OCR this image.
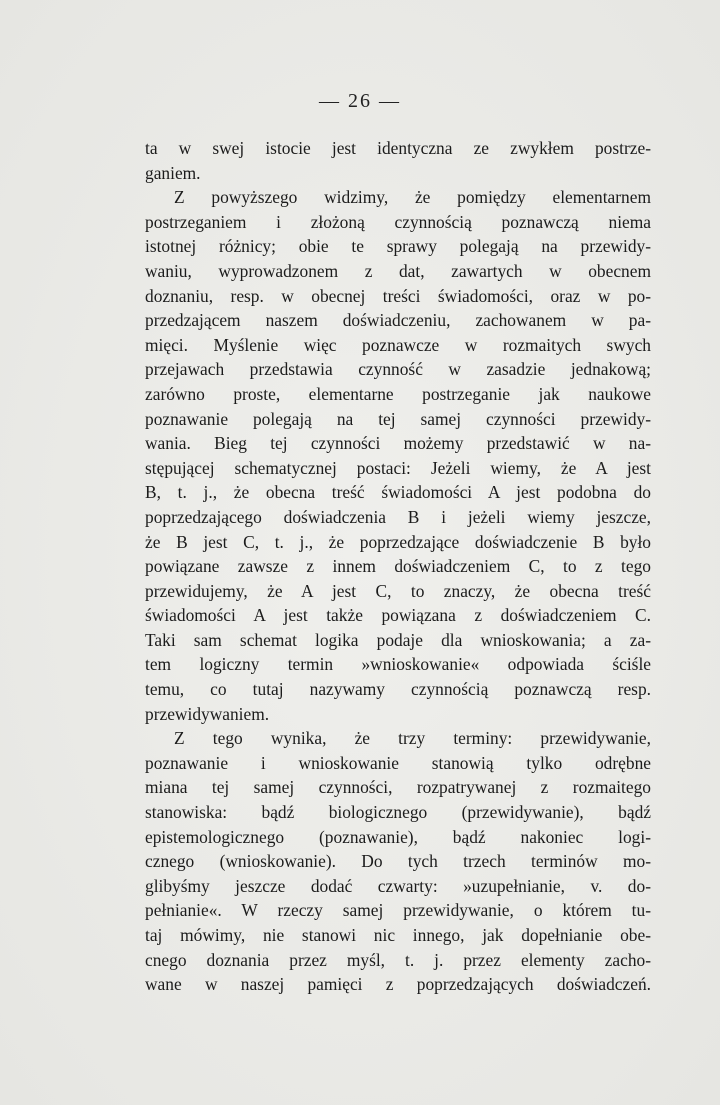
— 26 —
ta w swej istocie jest identyczna ze zwykłem postrze-
ganiem.
Z powyższego widzimy, że pomiędzy elementarnem
postrzeganiem i złożoną czynnością poznawczą niema
istotnej różnicy; obie te sprawy polegają na przewidy-
waniu, wyprowadzonem z dat, zawartych w obecnem
doznaniu, resp. w obecnej treści świadomości, oraz w po-
przedzającem naszem doświadczeniu, zachowanem w pa-
mięci. Myślenie więc poznawcze w rozmaitych swych
przejawach przedstawia czynność w zasadzie jednakową;
zarówno proste, elementarne postrzeganie jak naukowe
poznawanie polegają na tej samej czynności przewidy-
wania. Bieg tej czynności możemy przedstawić w na-
stępującej schematycznej postaci: Jeżeli wiemy, że A jest
B, t. j., że obecna treść świadomości A jest podobna do
poprzedzającego doświadczenia B i jeżeli wiemy jeszcze,
że B jest C, t. j., że poprzedzające doświadczenie B było
powiązane zawsze z innem doświadczeniem C, to z tego
przewidujemy, że A jest C, to znaczy, że obecna treść
świadomości A jest także powiązana z doświadczeniem C.
Taki sam schemat logika podaje dla wnioskowania; a za-
tem logiczny termin »wnioskowanie« odpowiada ściśle
temu, co tutaj nazywamy czynnością poznawczą resp.
przewidywaniem.
Z tego wynika, że trzy terminy: przewidywanie,
poznawanie i wnioskowanie stanowią tylko odrębne
miana tej samej czynności, rozpatrywanej z rozmaitego
stanowiska: bądź biologicznego (przewidywanie), bądź
epistemologicznego (poznawanie), bądź nakoniec logi-
cznego (wnioskowanie). Do tych trzech terminów mo-
glibyśmy jeszcze dodać czwarty: »uzupełnianie, v. do-
pełnianie«. W rzeczy samej przewidywanie, o którem tu-
taj mówimy, nie stanowi nic innego, jak dopełnianie obe-
cnego doznania przez myśl, t. j. przez elementy zacho-
wane w naszej pamięci z poprzedzających doświadczeń.
